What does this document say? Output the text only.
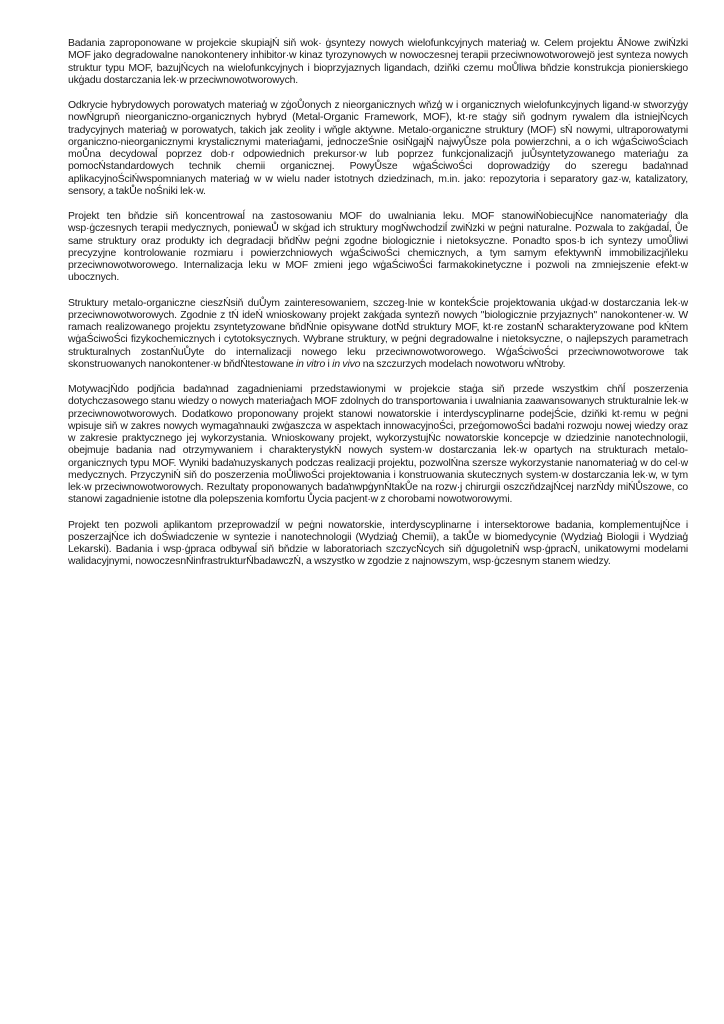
Badania zaproponowane w projekcie skupiajŃ siň wok· ġsyntezy nowych wielofunkcyjnych materiaģ w. Celem projektu ĀNowe zwiŃzki MOF jako degradowalne nanokontenery inhibitor·w kinaz tyrozynowych w nowoczesnej terapii przeciwnowotworowejö jest synteza nowych struktur typu MOF, bazujŃcych na wielofunkcyjnych i bioprzyjaznych ligandach, dziňki czemu moŮliwa bňdzie konstrukcja pionierskiego ukġadu dostarczania lek·w przeciwnowotworowych.

Odkrycie hybrydowych porowatych materiaģ w zġoŮonych z nieorganicznych wňzģ w i organicznych wielofunkcyjnych ligand·w stworzyġy nowŃgrupň nieorganiczno-organicznych hybryd (Metal-Organic Framework, MOF), kt·re staġy siň godnym rywalem dla istniejŃcych tradycyjnych materiaģ w porowatych, takich jak zeolity i wňgle aktywne. Metalo-organiczne struktury (MOF) sŃ nowymi, ultraporowatymi organiczno-nieorganicznymi krystalicznymi materiaģami, jednoczeŚnie osiŃgajŃ najwyŮsze pola powierzchni, a o ich wġaŚciwoŚciach moŮna decydowaĺ poprzez dob·r odpowiednich prekursor·w lub poprzez funkcjonalizacjň juŮsyntetyzowanego materiaģu za pomocŃstandardowych technik chemii organicznej. PowyŮsze wġaŚciwoŚci doprowadziġy do szeregu badaŉnad aplikacyjnoŚciŃwspomnianych materiaģ w w wielu nader istotnych dziedzinach, m.in. jako: repozytoria i separatory gaz·w, katalizatory, sensory, a takŮe noŚniki lek·w.

Projekt ten bňdzie siň koncentrowaĺ na zastosowaniu MOF do uwalniania leku. MOF stanowiŃobiecujŃce nanomateriaģy dla wsp·ġczesnych terapii medycznych, poniewaŮ w skġad ich struktury mogŃwchodziĺ zwiŃzki w peġni naturalne. Pozwala to zakġadaĺ, Ůe same struktury oraz produkty ich degradacji bňdŃw peġni zgodne biologicznie i nietoksyczne. Ponadto spos·b ich syntezy umoŮliwi precyzyjne kontrolowanie rozmiaru i powierzchniowych wġaŚciwoŚci chemicznych, a tym samym efektywnŃ immobilizacjňleku przeciwnowotworowego. Internalizacja leku w MOF zmieni jego wġaŚciwoŚci farmakokinetyczne i pozwoli na zmniejszenie efekt·w ubocznych.

Struktury metalo-organiczne cieszŃsiň duŮym zainteresowaniem, szczeg·lnie w kontekŚcie projektowania ukġad·w dostarczania lek·w przeciwnowotworowych. Zgodnie z tŃ ideŃ wnioskowany projekt zakġada syntezň nowych "biologicznie przyjaznych" nanokontener·w. W ramach realizowanego projektu zsyntetyzowane bňdŃnie opisywane dotŃd struktury MOF, kt·re zostanŃ scharakteryzowane pod kŃtem wġaŚciwoŚci fizykochemicznych i cytotoksycznych. Wybrane struktury, w peġni degradowalne i nietoksyczne, o najlepszych parametrach strukturalnych zostanŃuŮyte do internalizacji nowego leku przeciwnowotworowego. WġaŚciwoŚci przeciwnowotworowe tak skonstruowanych nanokontener·w bňdŃtestowane in vitro i in vivo na szczurzych modelach nowotworu wŃtroby.

MotywacjŃdo podjňcia badaŉnad zagadnieniami przedstawionymi w projekcie staġa siň przede wszystkim chňĺ poszerzenia dotychczasowego stanu wiedzy o nowych materiaģach MOF zdolnych do transportowania i uwalniania zaawansowanych strukturalnie lek·w przeciwnowotworowych. Dodatkowo proponowany projekt stanowi nowatorskie i interdyscyplinarne podejŚcie, dziňki kt·remu w peġni wpisuje siň w zakres nowych wymagaŉnauki zwġaszcza w aspektach innowacyjnoŚci, przeġomowoŚci badaŉi rozwoju nowej wiedzy oraz w zakresie praktycznego jej wykorzystania. Wnioskowany projekt, wykorzystujŃc nowatorskie koncepcje w dziedzinie nanotechnologii, obejmuje badania nad otrzymywaniem i charakterystykŃ nowych system·w dostarczania lek·w opartych na strukturach metalo-organicznych typu MOF. Wyniki badaŉuzyskanych podczas realizacji projektu, pozwolŃna szersze wykorzystanie nanomateriaģ w do cel·w medycznych. PrzyczyniŃ siň do poszerzenia moŮliwoŚci projektowania i konstruowania skutecznych system·w dostarczania lek·w, w tym lek·w przeciwnowotworowych. Rezultaty proponowanych badaŉwpġynŃtakŮe na rozw·j chirurgii oszczňdzajŃcej narzŃdy miŃŮszowe, co stanowi zagadnienie istotne dla polepszenia komfortu Ůycia pacjent·w z chorobami nowotworowymi.

Projekt ten pozwoli aplikantom przeprowadziĺ w peġni nowatorskie, interdyscyplinarne i intersektorowe badania, komplementujŃce i poszerzajŃce ich doŚwiadczenie w syntezie i nanotechnologii (Wydziaģ Chemii), a takŮe w biomedycynie (Wydziaģ Biologii i Wydziaģ Lekarski). Badania i wsp·ġpraca odbywaĺ siň bňdzie w laboratoriach szczycŃcych siň dġugoletniŃ wsp·ġpracŃ, unikatowymi modelami walidacyjnymi, nowoczesnŃinfrastrukturŃbadawczŃ, a wszystko w zgodzie z najnowszym, wsp·ġczesnym stanem wiedzy.
